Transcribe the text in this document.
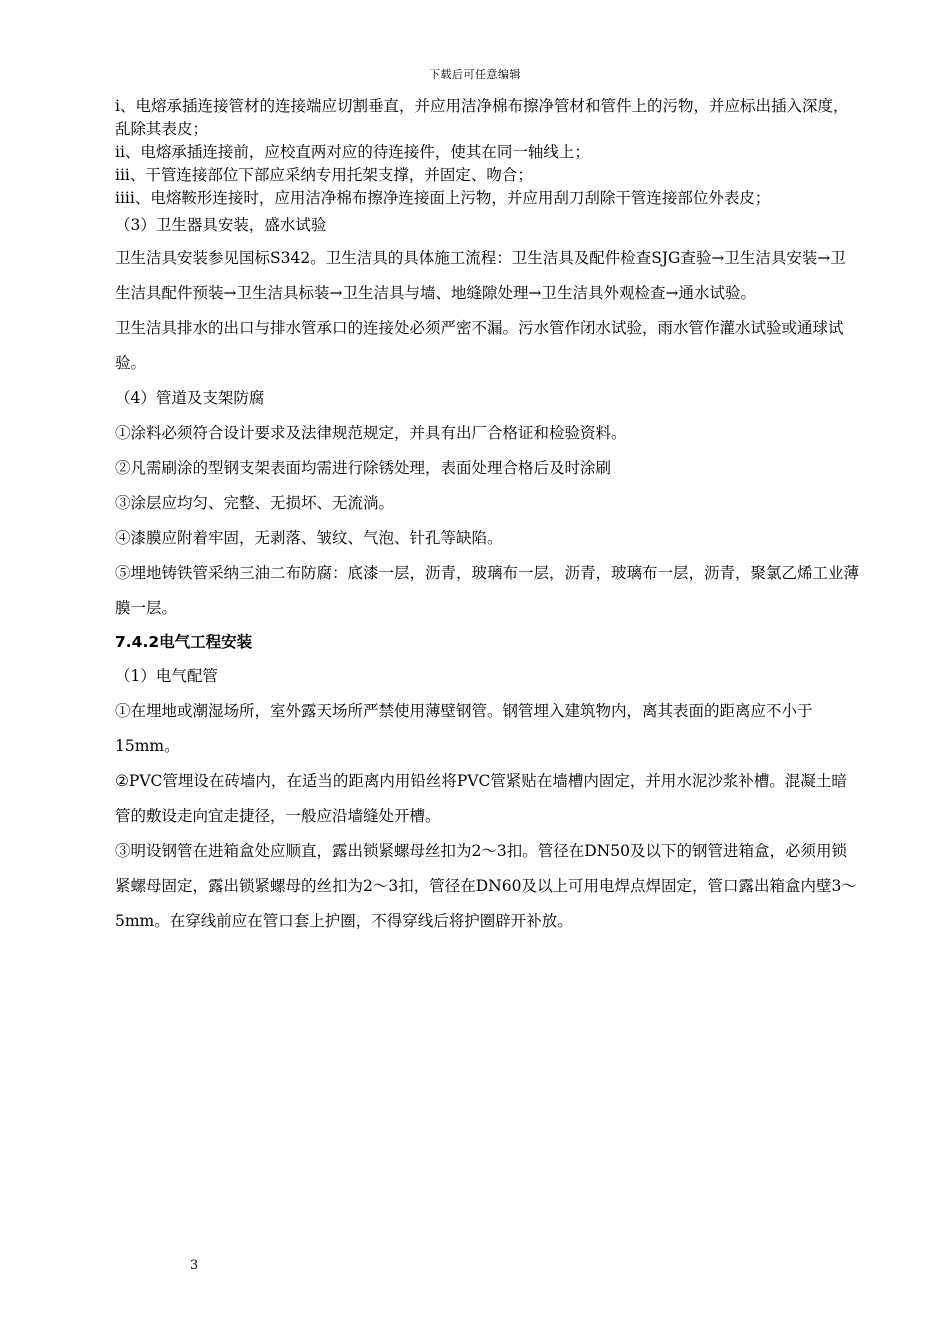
下载后可任意编辑

i、电熔承插连接管材的连接端应切割垂直，并应用洁净棉布擦净管材和管件上的污物，并应标出插入深度，乱除其表皮；

ii、电熔承插连接前，应校直两对应的待连接件，使其在同一轴线上；

iii、干管连接部位下部应采纳专用托架支撑，并固定、吻合；

iiii、电熔鞍形连接时，应用洁净棉布擦净连接面上污物，并应用刮刀刮除干管连接部位外表皮；

（3）卫生器具安装，盛水试验

卫生洁具安装参见国标S342。卫生洁具的具体施工流程：卫生洁具及配件检查SJG查验→卫生洁具安装→卫生洁具配件预装→卫生洁具标装→卫生洁具与墙、地缝隙处理→卫生洁具外观检查→通水试验。

卫生洁具排水的出口与排水管承口的连接处必须严密不漏。污水管作闭水试验，雨水管作灌水试验或通球试验。

（4）管道及支架防腐

①涂料必须符合设计要求及法律规范规定，并具有出厂合格证和检验资料。

②凡需刷涂的型钢支架表面均需进行除锈处理，表面处理合格后及时涂刷

③涂层应均匀、完整、无损坏、无流淌。

④漆膜应附着牢固，无剥落、皱纹、气泡、针孔等缺陷。

⑤埋地铸铁管采纳三油二布防腐：底漆一层，沥青，玻璃布一层，沥青，玻璃布一层，沥青，聚氯乙烯工业薄膜一层。

7.4.2电气工程安装

（1）电气配管

①在埋地或潮湿场所，室外露天场所严禁使用薄壁钢管。钢管埋入建筑物内，离其表面的距离应不小于15mm。

②PVC管埋设在砖墙内，在适当的距离内用铅丝将PVC管紧贴在墙槽内固定，并用水泥沙浆补槽。混凝土暗管的敷设走向宜走捷径，一般应沿墙缝处开槽。

③明设钢管在进箱盒处应顺直，露出锁紧螺母丝扣为2～3扣。管径在DN50及以下的钢管进箱盒，必须用锁紧螺母固定，露出锁紧螺母的丝扣为2～3扣，管径在DN60及以上可用电焊点焊固定，管口露出箱盒内壁3～5mm。在穿线前应在管口套上护圈，不得穿线后将护圈辟开补放。

3
